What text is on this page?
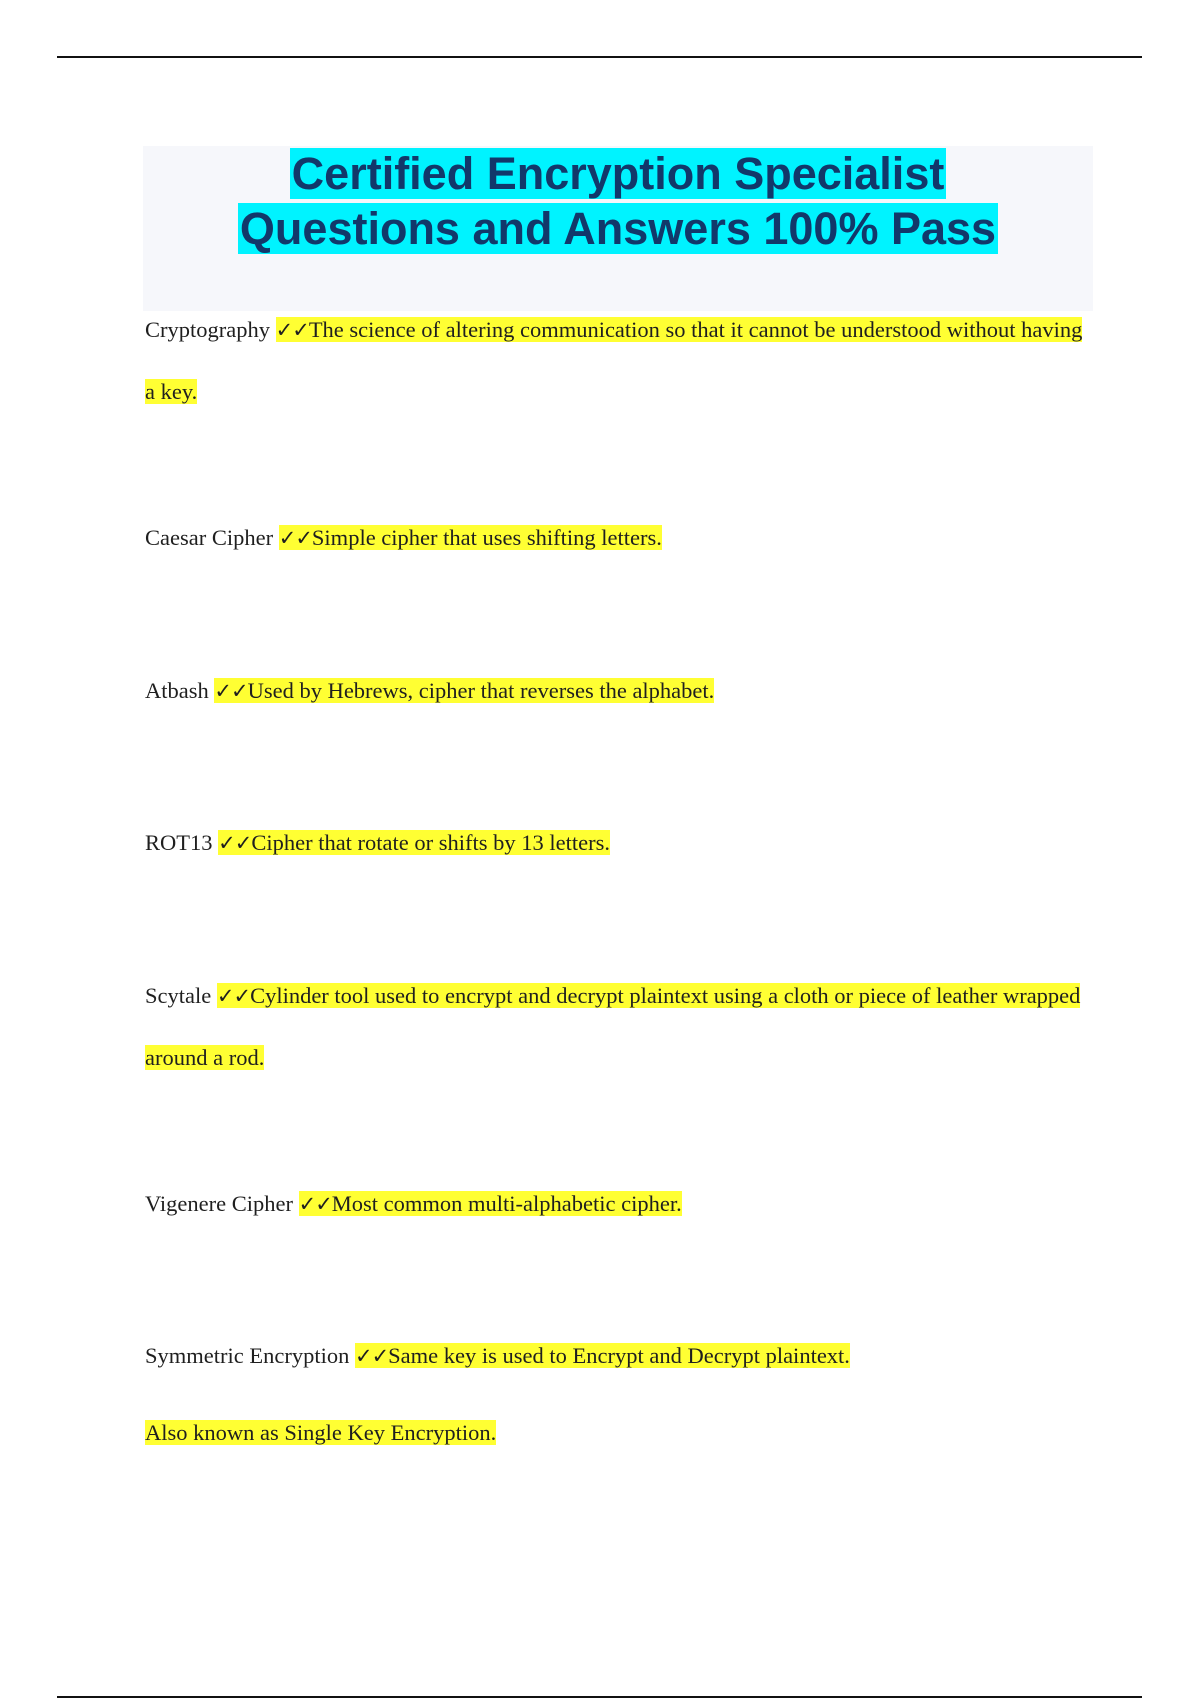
Certified Encryption Specialist
Questions and Answers 100% Pass

Cryptography ✓✓The science of altering communication so that it cannot be understood without having a key.

Caesar Cipher ✓✓Simple cipher that uses shifting letters.

Atbash ✓✓Used by Hebrews, cipher that reverses the alphabet.

ROT13 ✓✓Cipher that rotate or shifts by 13 letters.

Scytale ✓✓Cylinder tool used to encrypt and decrypt plaintext using a cloth or piece of leather wrapped around a rod.

Vigenere Cipher ✓✓Most common multi-alphabetic cipher.

Symmetric Encryption ✓✓Same key is used to Encrypt and Decrypt plaintext.

Also known as Single Key Encryption.
